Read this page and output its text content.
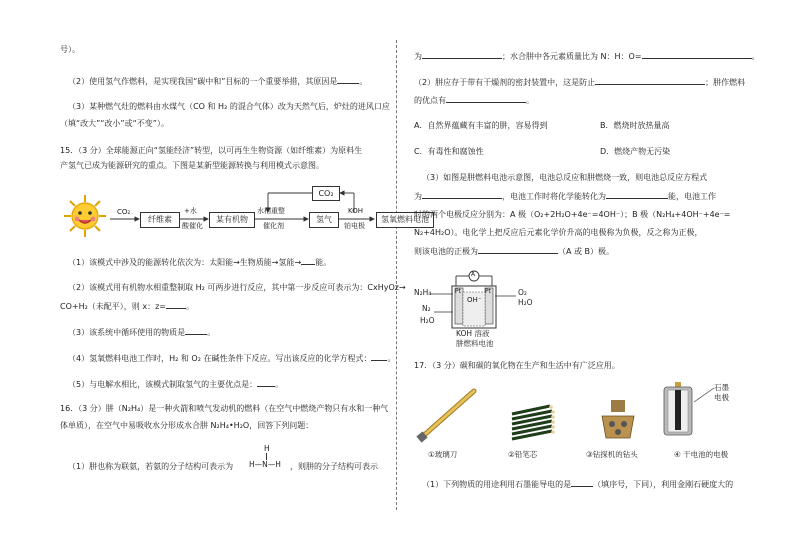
号）。
（2）使用氢气作燃料，是实现我国“碳中和”目标的一个重要举措，其原因是	。
（3）某种燃气灶的燃料由水煤气（CO 和 H₂ 的混合气体）改为天然气后，炉灶的进风口应
（填“改大”“改小”或“不变”）。
15．（3 分）全球能源正向“氢能经济”转型，以可再生生物资源（如纤维素）为原料生
产氢气已成为能源研究的重点。下图是某新型能源转换与利用模式示意图。
CO₂
CO₂
纤维素
+水
酸催化
某有机物
水相重整
催化剂
氢气
KOH
铂电极
氢氧燃料电池
（1）该模式中涉及的能源转化依次为：太阳能→生物质能→氢能→ 能。
（2）该模式用有机物水相重整制取 H₂ 可两步进行反应，其中第一步反应可表示为：CxHyOz→
CO+H₂（未配平），则 x：z=	。
（3）该系统中循环使用的物质是	。
（4）氢氧燃料电池工作时，H₂ 和 O₂ 在碱性条件下反应。写出该反应的化学方程式： 。
（5）与电解水相比，该模式制取氢气的主要优点是： 。
16．（3 分）肼（N₂H₄）是一种火箭和喷气发动机的燃料（在空气中燃烧产物只有水和一种气
体单质），在空气中易吸收水分形成水合肼 N₂H₄•H₂O，回答下列问题：
（1）肼也称为联氨，若氨的分子结构可表示为
H
H—N—H ，则肼的分子结构可表示
为	；水合肼中各元素质量比为 N：H：O=	。
（2）肼应存于带有干燥剂的密封装置中，这是防止	；肼作燃料
的优点有	。
A．自然界蕴藏有丰富的肼，容易得到	B．燃烧时放热量高
C．有毒性和腐蚀性	D．燃烧产物无污染
（3）如图是肼燃料电池示意图，电池总反应和肼燃烧一致，则电池总反应方程式
为	，电池工作时将化学能转化为	能，电池工作
时的两个电极反应分别为：A 极（O₂+2H₂O+4e⁻=4OH⁻）；B 极（N₂H₄+4OH⁻+4e⁻=
N₂+4H₂O）。电化学上把反应后元素化学价升高的电极称为负极，反之称为正极，
则该电池的正极为	（A 或 B）极。
A
N₂H₄
N₂
H₂O
O₂
H₂O
Pt	Pt
OH⁻
KOH 溶液
肼燃料电池
17．（3 分）碳和碳的氧化物在生产和生活中有广泛应用。
石墨
电极
①玻璃刀	②铅笔芯	③钻探机的钻头	④ 干电池的电极
（1）下列物质的用途利用石墨能导电的是	（填序号，下同），利用金刚石硬度大的
